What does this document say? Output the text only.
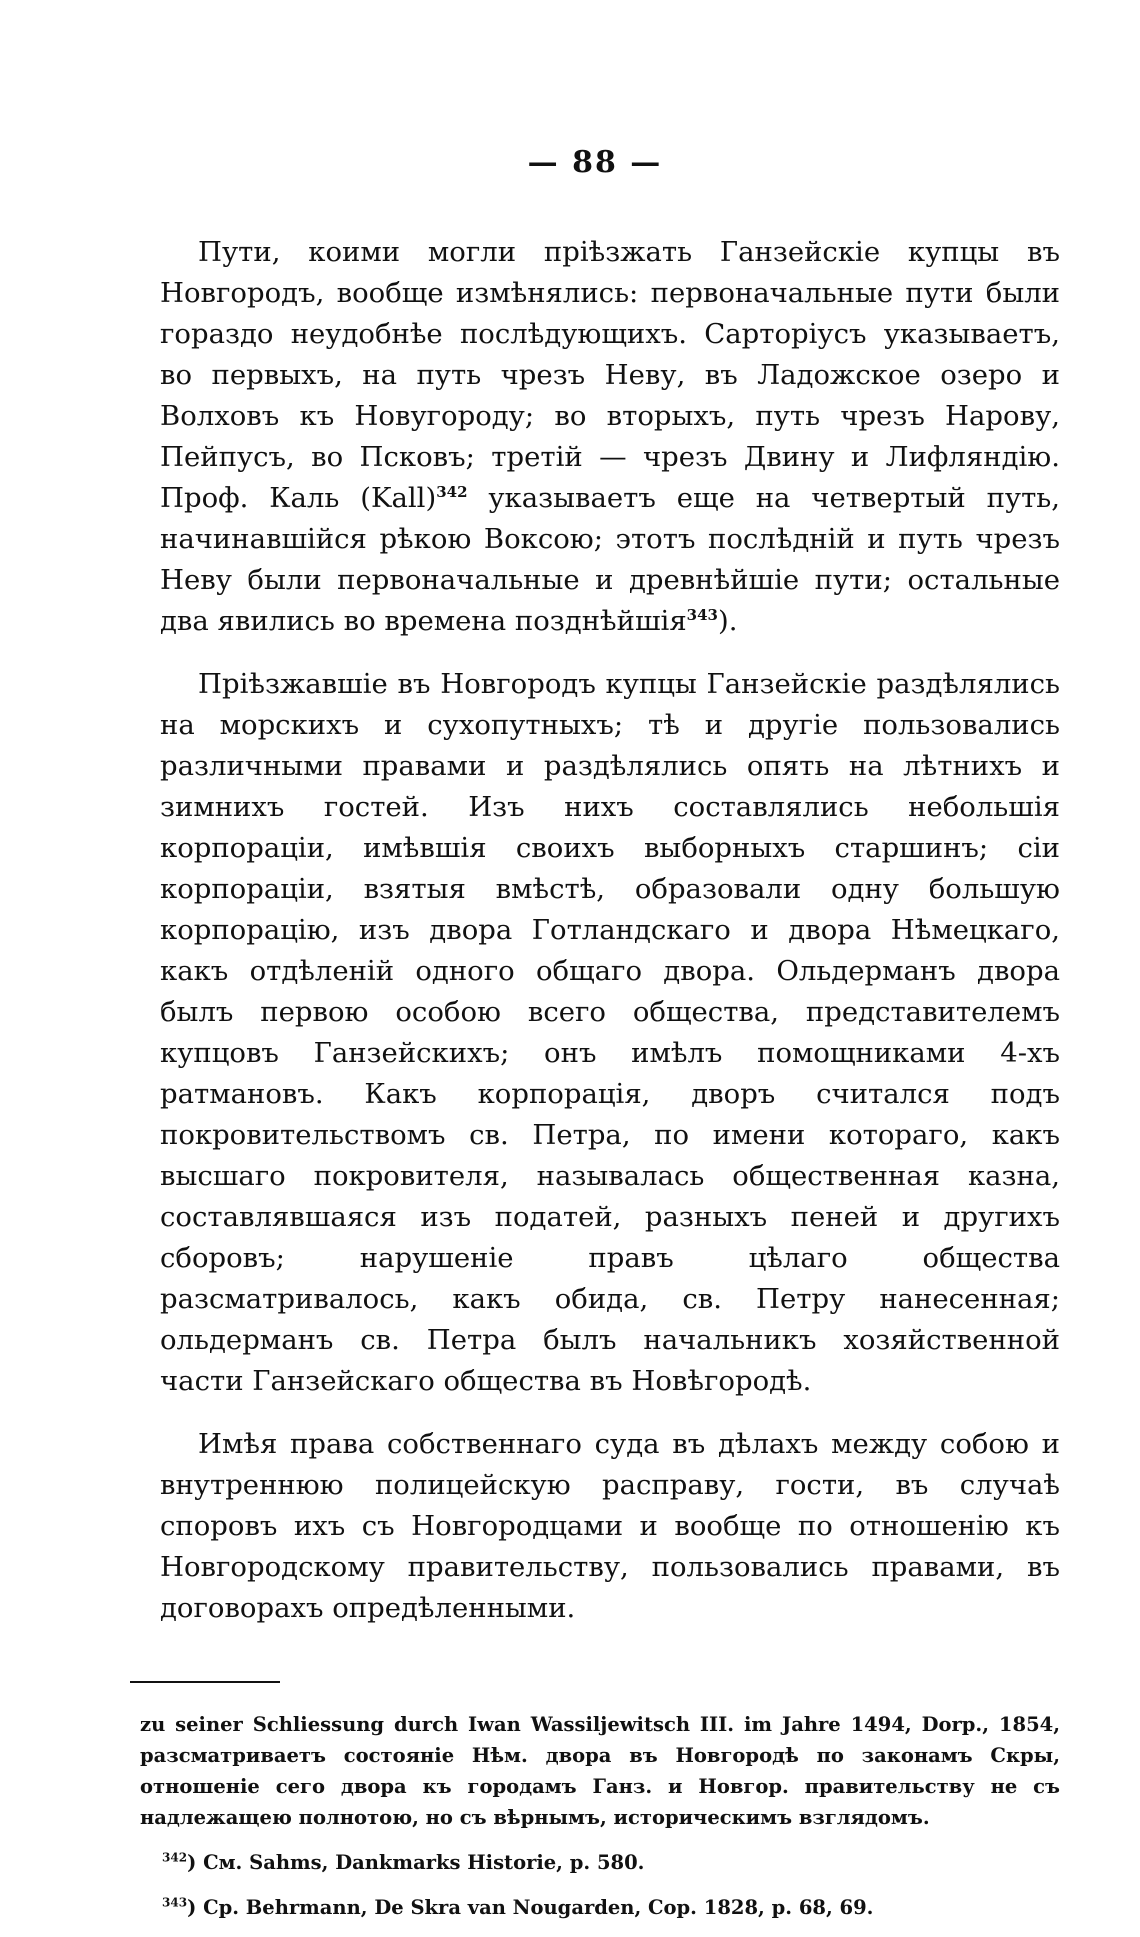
— 88 —

Пути, коими могли прiѣзжать Ганзейскiе купцы въ Новгородъ, вообще измѣнялись: первоначальные пути были гораздо неудобнѣе послѣдующихъ. Сарторiусъ указываетъ, во первыхъ, на путь чрезъ Неву, въ Ладожское озеро и Волховъ къ Новугороду; во вторыхъ, путь чрезъ Нарову, Пейпусъ, во Псковъ; третiй — чрезъ Двину и Лифляндiю. Проф. Каль (Kall)$^{342}$ указываетъ еще на четвертый путь, начинавшiйся рѣкою Воксою; этотъ послѣднiй и путь чрезъ Неву были первоначальные и древнѣйшiе пути; остальные два явились во времена позднѣйшiя$^{343}$).

Прiѣзжавшiе въ Новгородъ купцы Ганзейскiе раздѣлялись на морскихъ и сухопутныхъ; тѣ и другiе пользовались различными правами и раздѣлялись опять на лѣтнихъ и зимнихъ гостей. Изъ нихъ составлялись небольшiя корпорацiи, имѣвшiя своихъ выборныхъ старшинъ; сiи корпорацiи, взятыя вмѣстѣ, образовали одну большую корпорацiю, изъ двора Готландскаго и двора Нѣмецкаго, какъ отдѣленiй одного общаго двора. Ольдерманъ двора былъ первою особою всего общества, представителемъ купцовъ Ганзейскихъ; онъ имѣлъ помощниками 4-хъ ратмановъ. Какъ корпорацiя, дворъ считался подъ покровительствомъ св. Петра, по имени котораго, какъ высшаго покровителя, называлась общественная казна, составлявшаяся изъ податей, разныхъ пеней и другихъ сборовъ; нарушенiе правъ цѣлаго общества разсматривалось, какъ обида, св. Петру нанесенная; ольдерманъ св. Петра былъ начальникъ хозяйственной части Ганзейскаго общества въ Новѣгородѣ.

Имѣя права собственнаго суда въ дѣлахъ между собою и внутреннюю полицейскую расправу, гости, въ случаѣ споровъ ихъ съ Новгородцами и вообще по отношенiю къ Новгородскому правительству, пользовались правами, въ договорахъ опредѣленными.

zu seiner Schliessung durch Iwan Wassiljewitsch III. im Jahre 1494, Dorp., 1854, разсматриваетъ состоянiе Нѣм. двора въ Новгородѣ по законамъ Скры, отношенiе сего двора къ городамъ Ганз. и Новгор. правительству не съ надлежащею полнотою, но съ вѣрнымъ, историческимъ взглядомъ.

$^{342}$) См. Sahms, Dankmarks Historie, p. 580.

$^{343}$) Ср. Behrmann, De Skra van Nougarden, Cop. 1828, p. 68, 69.
